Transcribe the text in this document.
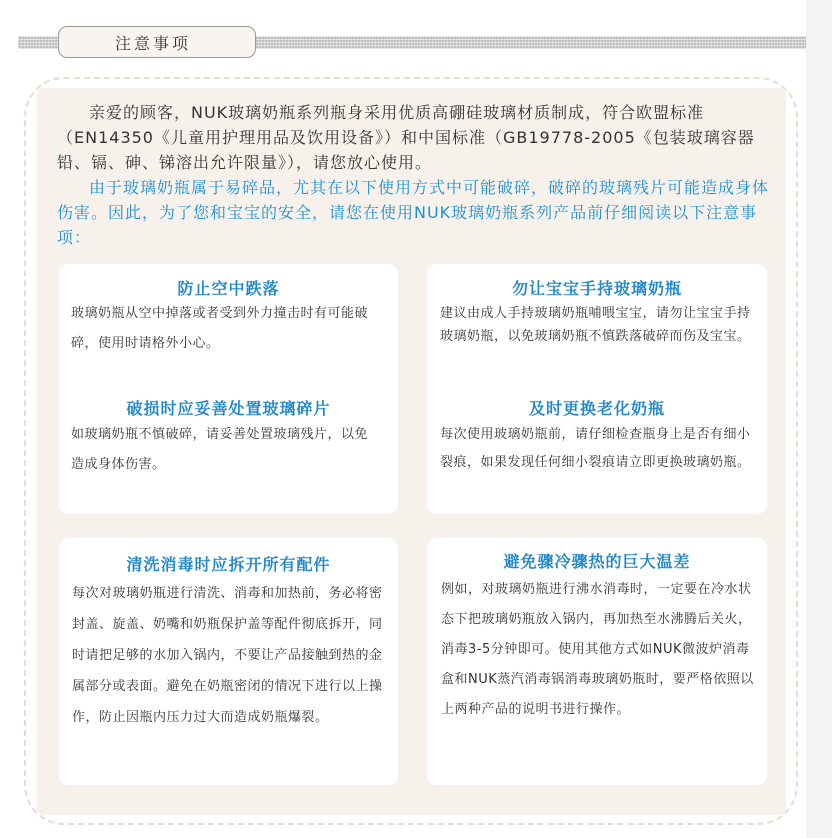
注意事项

亲爱的顾客，NUK玻璃奶瓶系列瓶身采用优质高硼硅玻璃材质制成，符合欧盟标准（EN14350《儿童用护理用品及饮用设备》）和中国标准（GB19778-2005《包装玻璃容器铅、镉、砷、锑溶出允许限量》），请您放心使用。

由于玻璃奶瓶属于易碎品，尤其在以下使用方式中可能破碎，破碎的玻璃残片可能造成身体伤害。因此，为了您和宝宝的安全，请您在使用NUK玻璃奶瓶系列产品前仔细阅读以下注意事项：

防止空中跌落
玻璃奶瓶从空中掉落或者受到外力撞击时有可能破碎，使用时请格外小心。
破损时应妥善处置玻璃碎片
如玻璃奶瓶不慎破碎，请妥善处置玻璃残片，以免造成身体伤害。
勿让宝宝手持玻璃奶瓶
建议由成人手持玻璃奶瓶哺喂宝宝，请勿让宝宝手持玻璃奶瓶，以免玻璃奶瓶不慎跌落破碎而伤及宝宝。
及时更换老化奶瓶
每次使用玻璃奶瓶前，请仔细检查瓶身上是否有细小裂痕，如果发现任何细小裂痕请立即更换玻璃奶瓶。
清洗消毒时应拆开所有配件
每次对玻璃奶瓶进行清洗、消毒和加热前，务必将密封盖、旋盖、奶嘴和奶瓶保护盖等配件彻底拆开，同时请把足够的水加入锅内，不要让产品接触到热的金属部分或表面。避免在奶瓶密闭的情况下进行以上操作，防止因瓶内压力过大而造成奶瓶爆裂。
避免骤冷骤热的巨大温差
例如，对玻璃奶瓶进行沸水消毒时，一定要在冷水状态下把玻璃奶瓶放入锅内，再加热至水沸腾后关火，消毒3-5分钟即可。使用其他方式如NUK微波炉消毒盒和NUK蒸汽消毒锅消毒玻璃奶瓶时，要严格依照以上两种产品的说明书进行操作。
